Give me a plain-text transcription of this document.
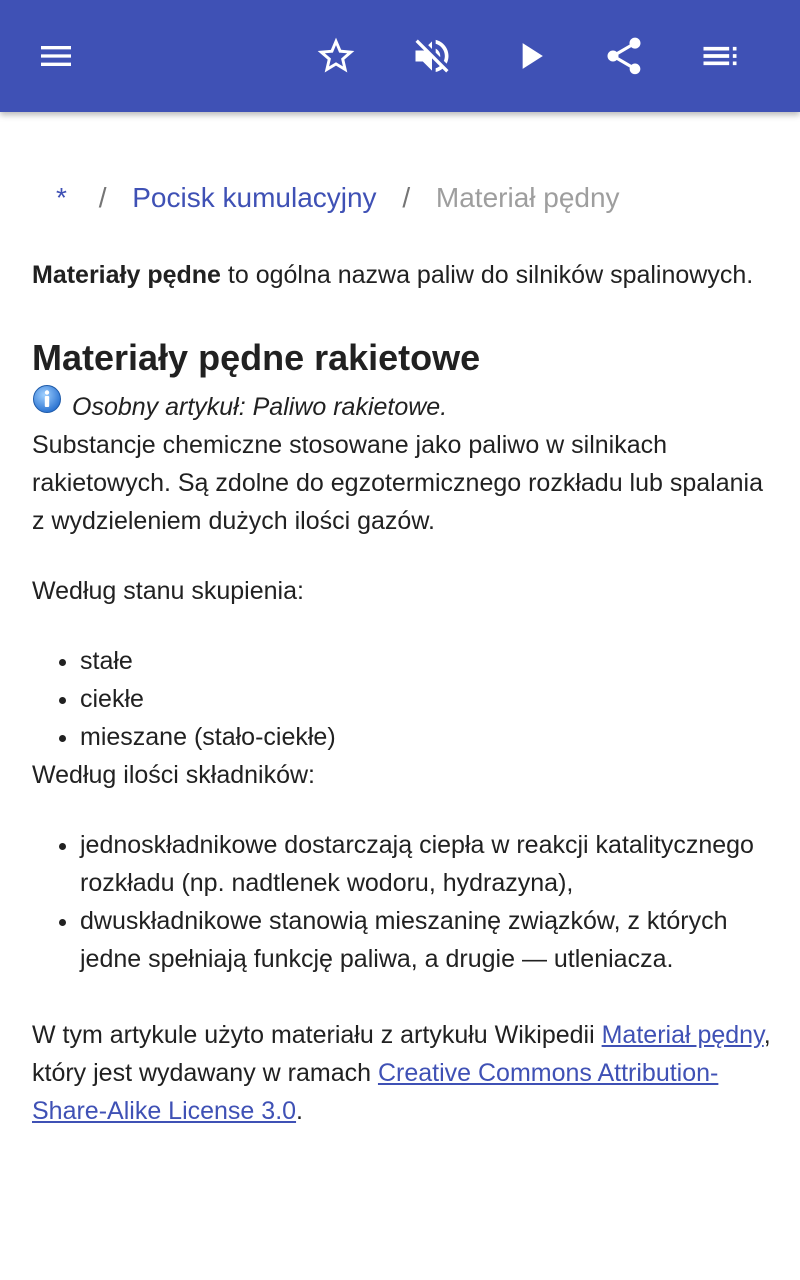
* / Pocisk kumulacyjny / Materiał pędny

Materiały pędne to ogólna nazwa paliw do silników spalinowych.

Materiały pędne rakietowe
Osobny artykuł: Paliwo rakietowe.

Substancje chemiczne stosowane jako paliwo w silnikach rakietowych. Są zdolne do egzotermicznego rozkładu lub spalania z wydzieleniem dużych ilości gazów.

Według stanu skupienia:

• stałe
• ciekłe
• mieszane (stało-ciekłe)

Według ilości składników:

• jednoskładnikowe dostarczają ciepła w reakcji katalitycznego rozkładu (np. nadtlenek wodoru, hydrazyna),
• dwuskładnikowe stanowią mieszaninę związków, z których jedne spełniają funkcję paliwa, a drugie — utleniacza.

W tym artykule użyto materiału z artykułu Wikipedii Materiał pędny, który jest wydawany w ramach Creative Commons Attribution-Share-Alike License 3.0.
